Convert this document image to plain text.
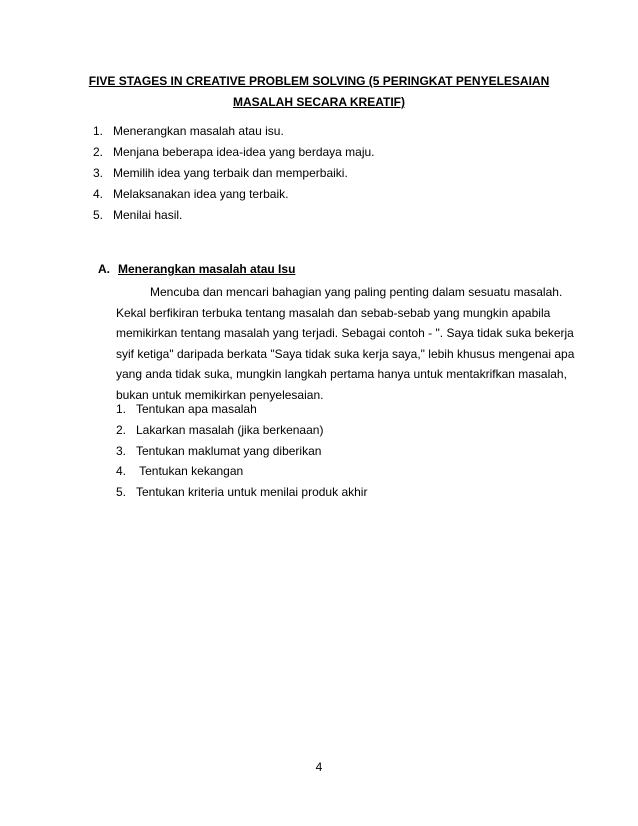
FIVE STAGES IN CREATIVE PROBLEM SOLVING (5 PERINGKAT PENYELESAIAN
MASALAH SECARA KREATIF)
1. Menerangkan masalah atau isu.
2. Menjana beberapa idea-idea yang berdaya maju.
3. Memilih idea yang terbaik dan memperbaiki.
4. Melaksanakan idea yang terbaik.
5. Menilai hasil.
A. Menerangkan masalah atau Isu
Mencuba dan mencari bahagian yang paling penting dalam sesuatu masalah.
Kekal berfikiran terbuka tentang masalah dan sebab-sebab yang mungkin apabila
memikirkan tentang masalah yang terjadi. Sebagai contoh - ". Saya tidak suka bekerja
syif ketiga" daripada berkata "Saya tidak suka kerja saya," lebih khusus mengenai apa
yang anda tidak suka, mungkin langkah pertama hanya untuk mentakrifkan masalah,
bukan untuk memikirkan penyelesaian.
1. Tentukan apa masalah
2. Lakarkan masalah (jika berkenaan)
3. Tentukan maklumat yang diberikan
4. Tentukan kekangan
5. Tentukan kriteria untuk menilai produk akhir
4
